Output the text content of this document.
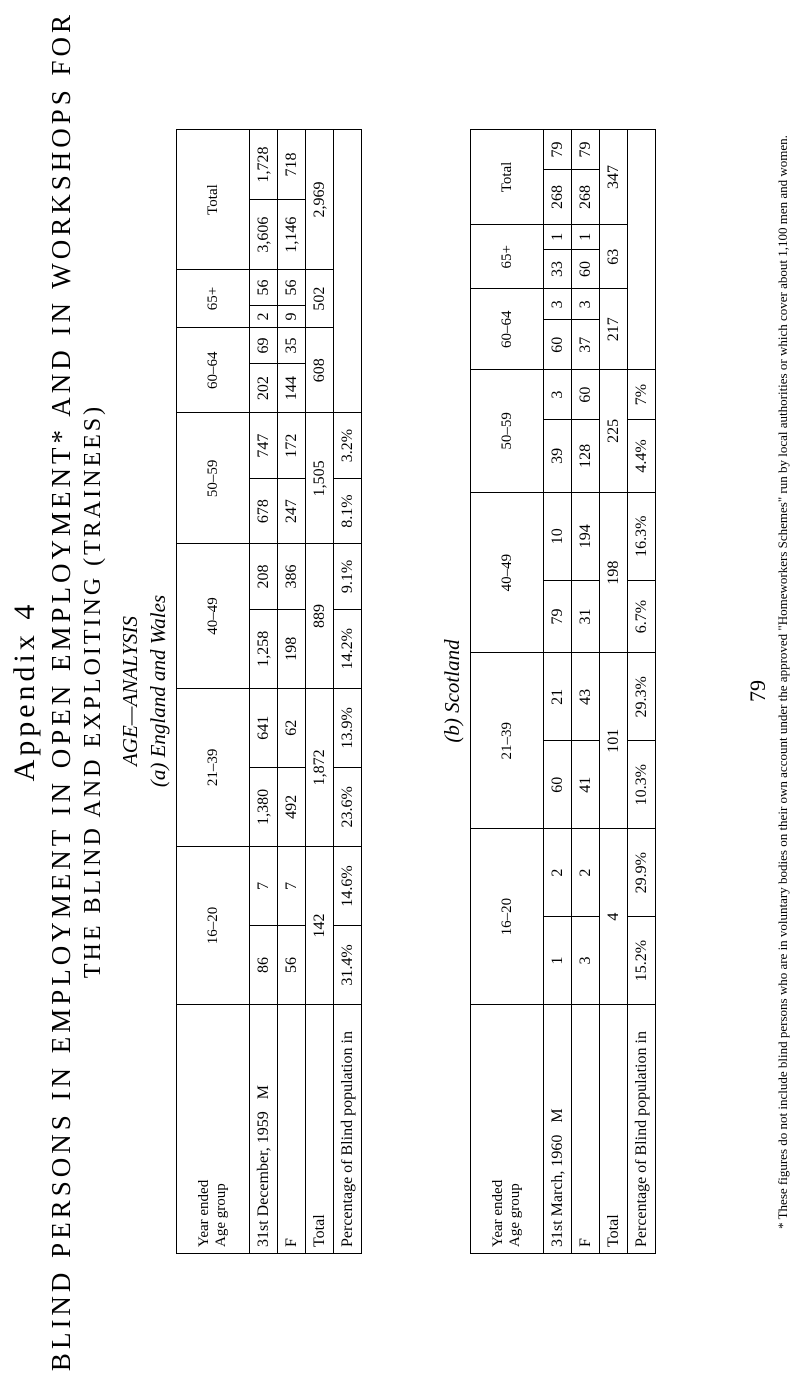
Appendix 4 BLIND PERSONS IN EMPLOYMENT IN OPEN EMPLOYMENT* AND IN WORKSHOPS FOR THE BLIND AND EXPLOITING (TRAINEES) AGE—ANALYSIS (a) England and Wales
Year ended
Age group	16–20		21–39		40–49		50–59		60–64		65+		Total	
31st December, 1959   M	86	7	1,380	641	1,258	208	678	747	202	69	2	56	3,606	1,728
F	56	7	492	62	198	386	247	172	144	35	9	56	1,146	718
Total	142		1,872		889		1,505		608		502		2,969	
Percentage of Blind population in	31.4%	14.6%	23.6%	13.9%	14.2%	9.1%	8.1%	3.2%						
(b) Scotland
Year ended
Age group	16–20		21–39		40–49		50–59		60–64		65+		Total	
31st March, 1960   M	1	2	60	21	79	10	39	3	60	3	33	1	268	79
F	3	2	41	43	31	194	128	60	37	3	60	1	268	79
Total	4		101		198		225		217		63		347	
Percentage of Blind population in	15.2%	29.9%	10.3%	29.3%	6.7%	16.3%	4.4%	7%						
79 * These figures do not include blind persons who are in voluntary bodies on their own account under the approved "Homeworkers Schemes" run by local authorities or which cover about 1,100 men and women.
